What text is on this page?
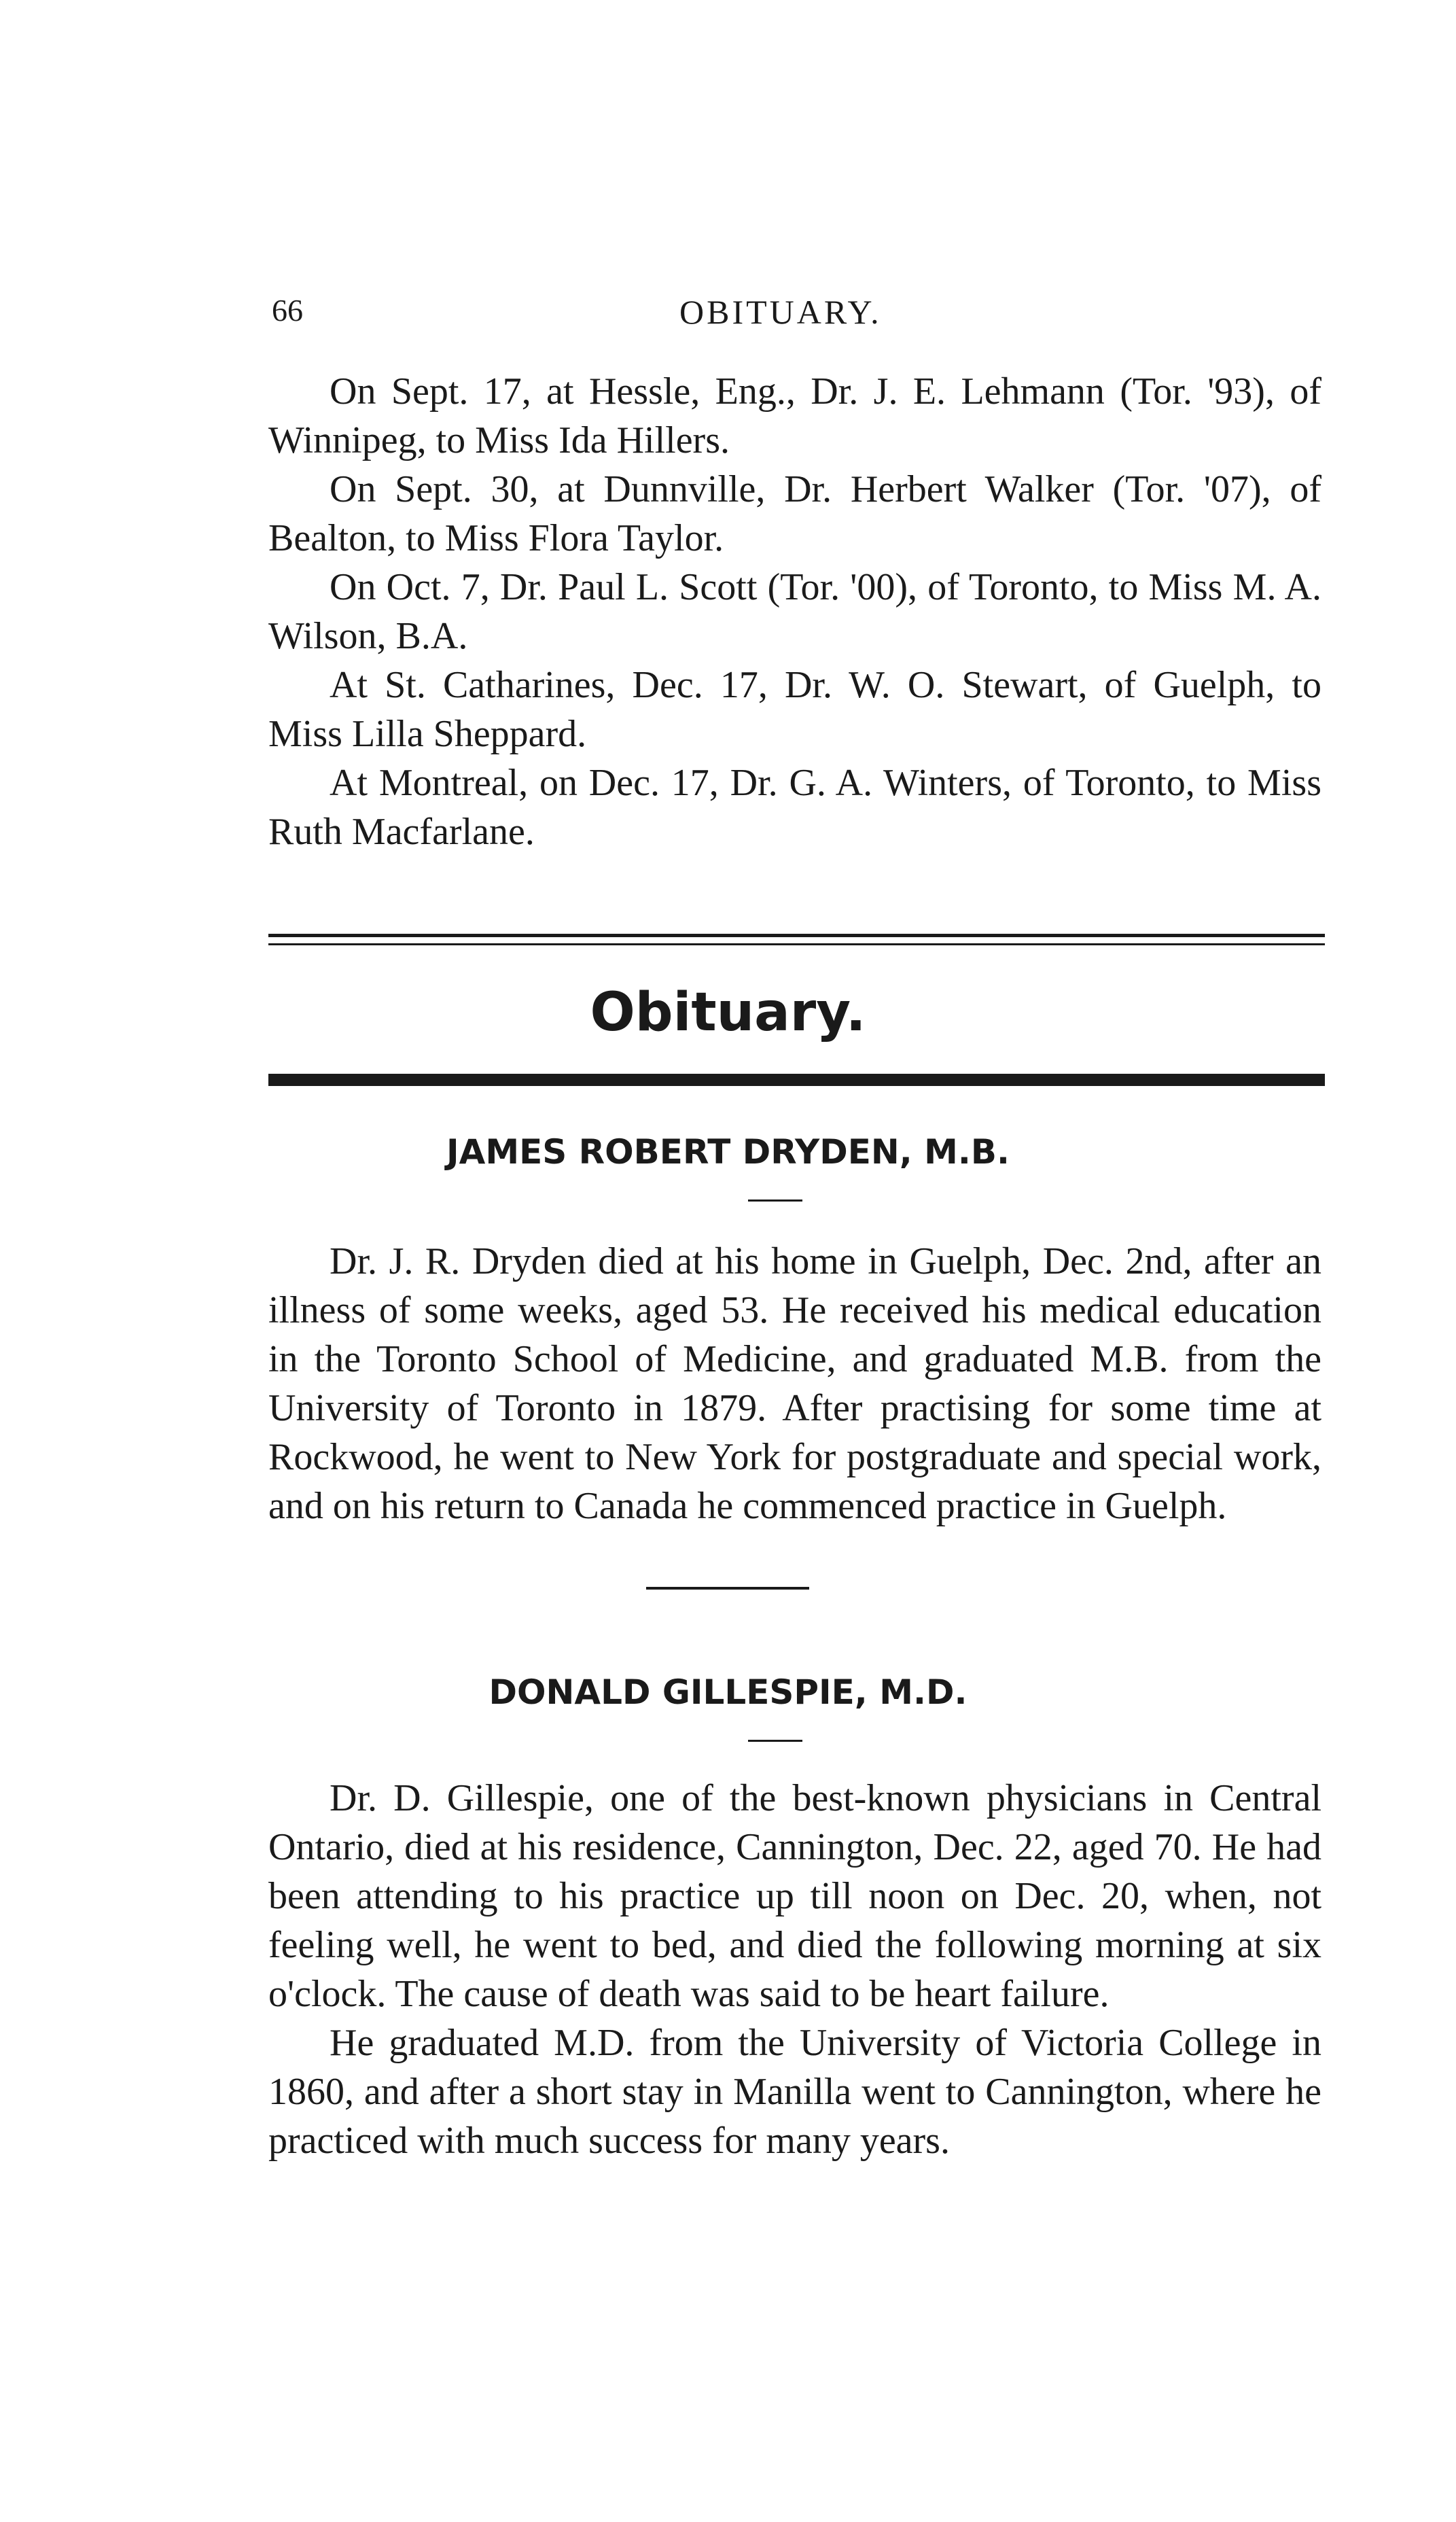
66	OBITUARY.

On Sept. 17, at Hessle, Eng., Dr. J. E. Lehmann (Tor. '93), of Winnipeg, to Miss Ida Hillers.

On Sept. 30, at Dunnville, Dr. Herbert Walker (Tor. '07), of Bealton, to Miss Flora Taylor.

On Oct. 7, Dr. Paul L. Scott (Tor. '00), of Toronto, to Miss M. A. Wilson, B.A.

At St. Catharines, Dec. 17, Dr. W. O. Stewart, of Guelph, to Miss Lilla Sheppard.

At Montreal, on Dec. 17, Dr. G. A. Winters, of Toronto, to Miss Ruth Macfarlane.

Obituary.
JAMES ROBERT DRYDEN, M.B.

Dr. J. R. Dryden died at his home in Guelph, Dec. 2nd, after an illness of some weeks, aged 53. He received his medical education in the Toronto School of Medicine, and graduated M.B. from the University of Toronto in 1879. After practising for some time at Rockwood, he went to New York for postgraduate and special work, and on his return to Canada he commenced practice in Guelph.

DONALD GILLESPIE, M.D.

Dr. D. Gillespie, one of the best-known physicians in Central Ontario, died at his residence, Cannington, Dec. 22, aged 70. He had been attending to his practice up till noon on Dec. 20, when, not feeling well, he went to bed, and died the following morning at six o'clock. The cause of death was said to be heart failure.

He graduated M.D. from the University of Victoria College in 1860, and after a short stay in Manilla went to Cannington, where he practiced with much success for many years.
